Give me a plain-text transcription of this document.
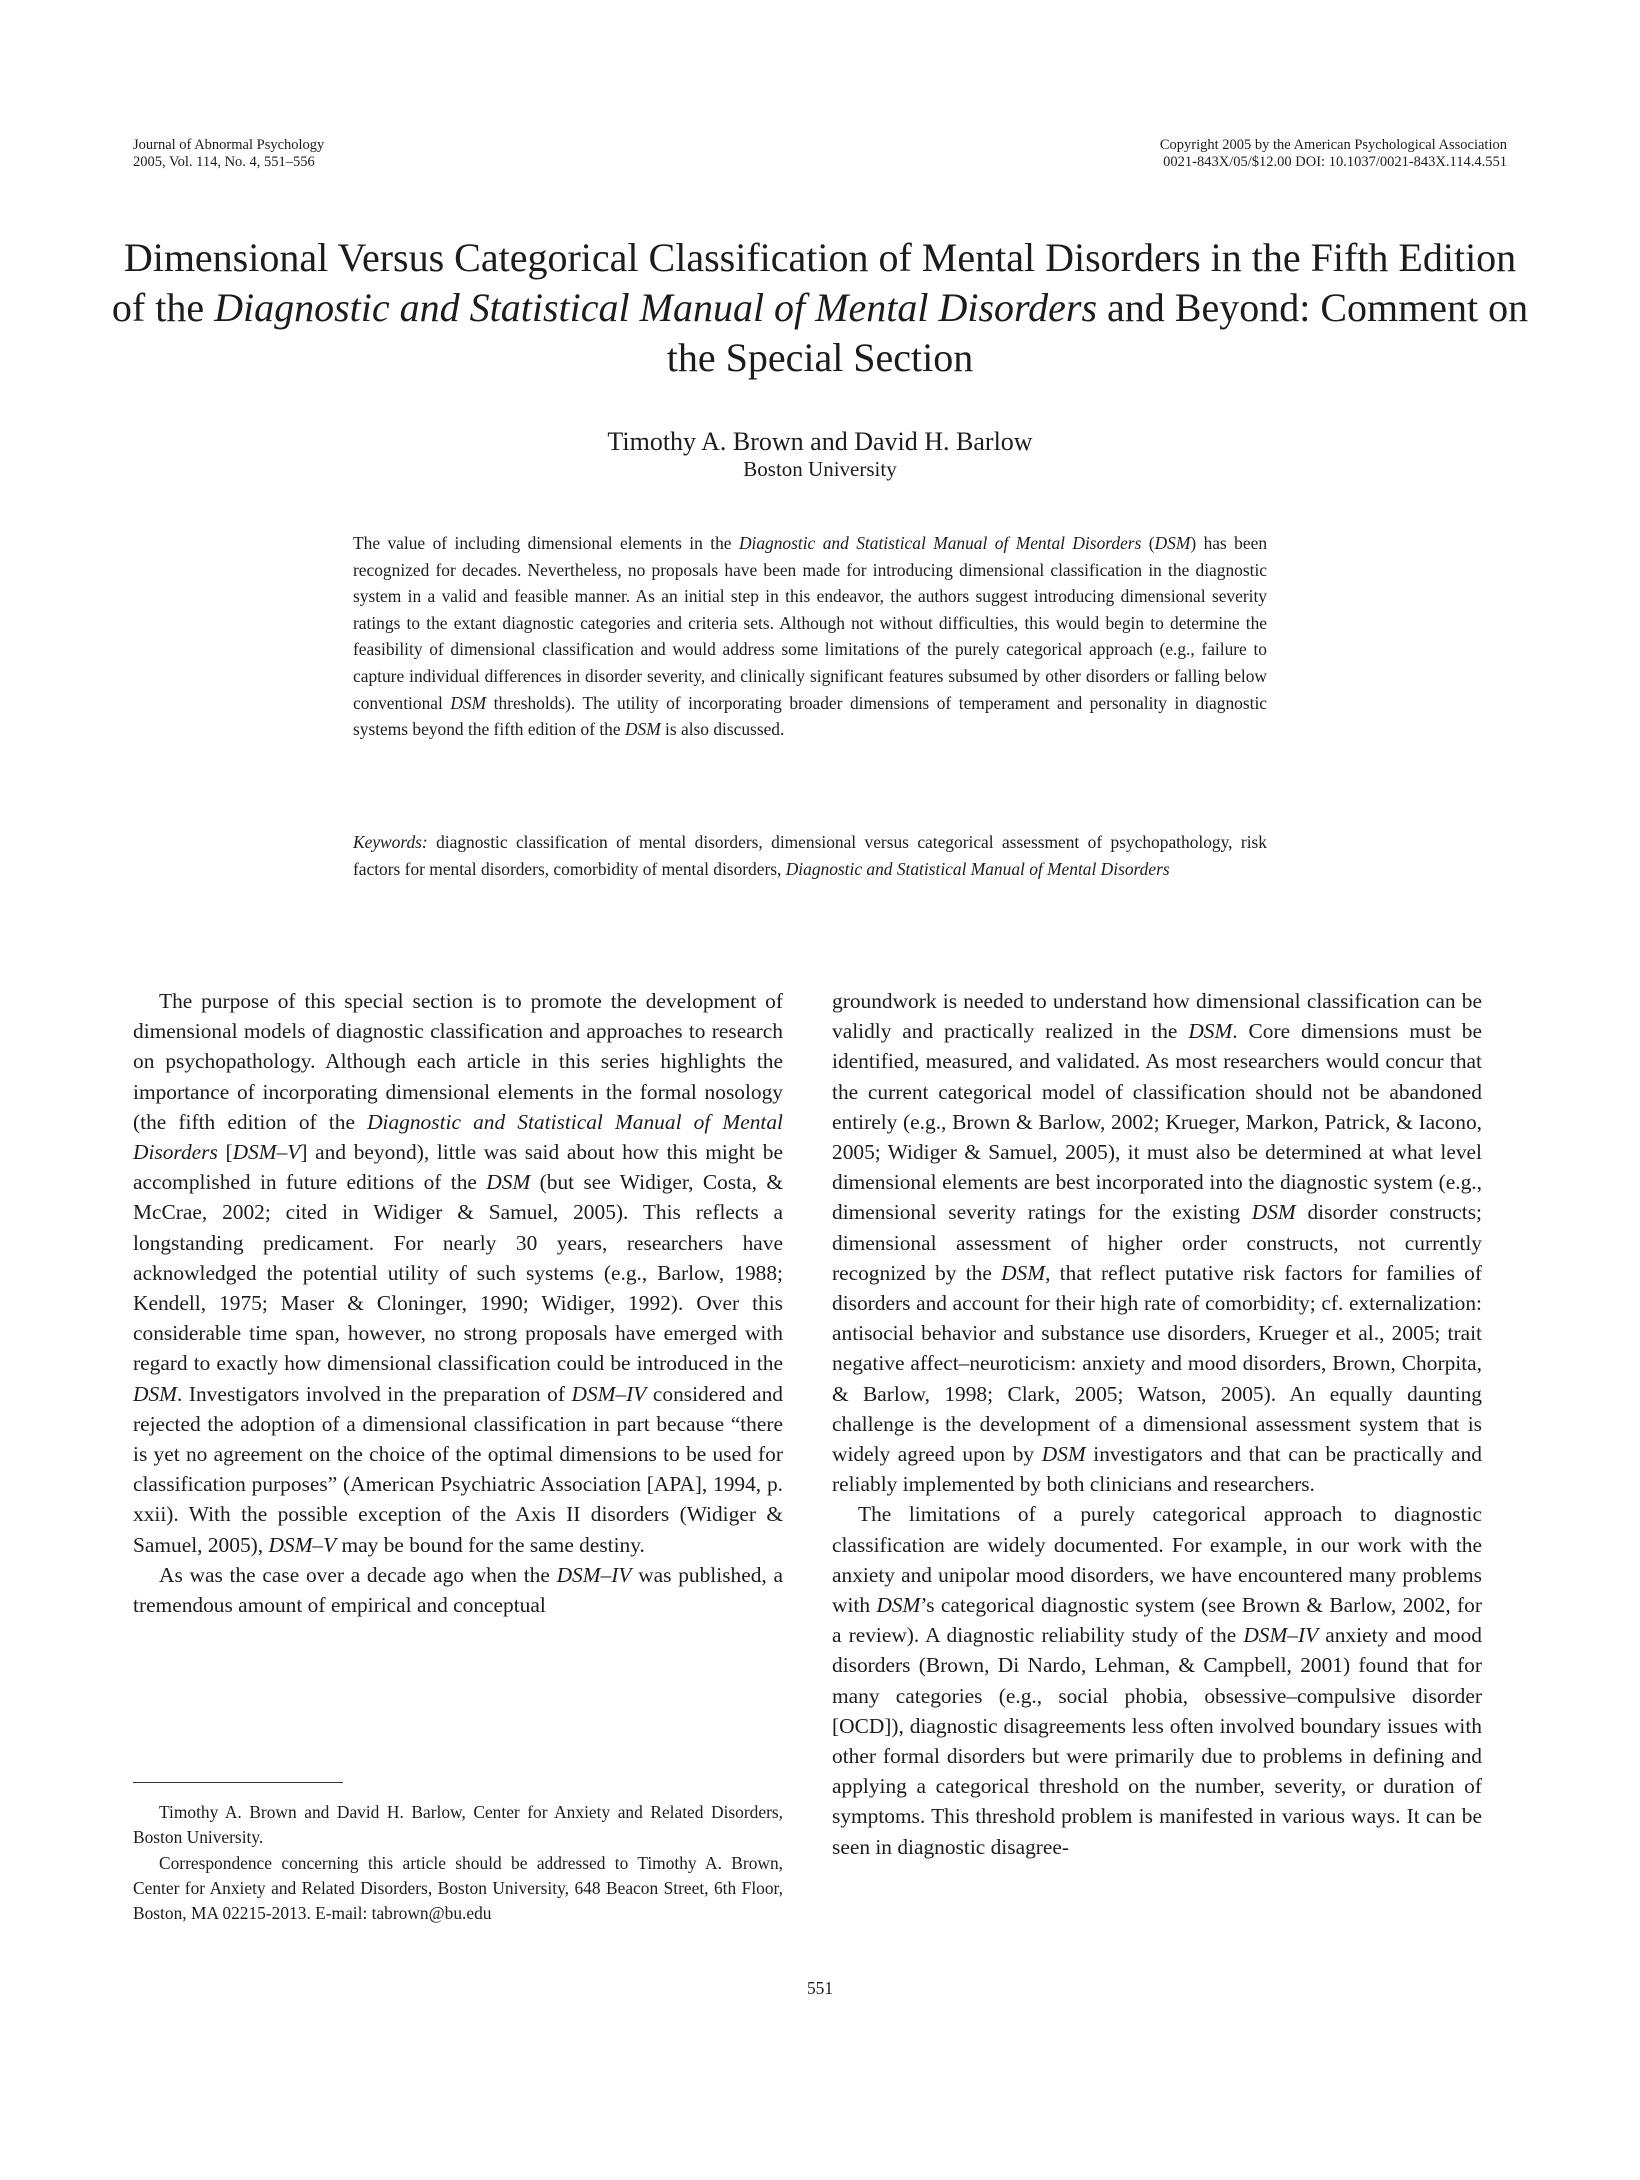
Journal of Abnormal Psychology
2005, Vol. 114, No. 4, 551–556
Copyright 2005 by the American Psychological Association
0021-843X/05/$12.00 DOI: 10.1037/0021-843X.114.4.551
Dimensional Versus Categorical Classification of Mental Disorders in the Fifth Edition of the Diagnostic and Statistical Manual of Mental Disorders and Beyond: Comment on the Special Section
Timothy A. Brown and David H. Barlow
Boston University

The value of including dimensional elements in the Diagnostic and Statistical Manual of Mental Disorders (DSM) has been recognized for decades. Nevertheless, no proposals have been made for introducing dimensional classification in the diagnostic system in a valid and feasible manner. As an initial step in this endeavor, the authors suggest introducing dimensional severity ratings to the extant diagnostic categories and criteria sets. Although not without difficulties, this would begin to determine the feasibility of dimensional classification and would address some limitations of the purely categorical approach (e.g., failure to capture individual differences in disorder severity, and clinically significant features subsumed by other disorders or falling below conventional DSM thresholds). The utility of incorporating broader dimensions of temperament and personality in diagnostic systems beyond the fifth edition of the DSM is also discussed.

Keywords: diagnostic classification of mental disorders, dimensional versus categorical assessment of psychopathology, risk factors for mental disorders, comorbidity of mental disorders, Diagnostic and Statistical Manual of Mental Disorders

The purpose of this special section is to promote the development of dimensional models of diagnostic classification and approaches to research on psychopathology. Although each article in this series highlights the importance of incorporating dimensional elements in the formal nosology (the fifth edition of the Diagnostic and Statistical Manual of Mental Disorders [DSM–V] and beyond), little was said about how this might be accomplished in future editions of the DSM (but see Widiger, Costa, & McCrae, 2002; cited in Widiger & Samuel, 2005). This reflects a longstanding predicament. For nearly 30 years, researchers have acknowledged the potential utility of such systems (e.g., Barlow, 1988; Kendell, 1975; Maser & Cloninger, 1990; Widiger, 1992). Over this considerable time span, however, no strong proposals have emerged with regard to exactly how dimensional classification could be introduced in the DSM. Investigators involved in the preparation of DSM–IV considered and rejected the adoption of a dimensional classification in part because “there is yet no agreement on the choice of the optimal dimensions to be used for classification purposes” (American Psychiatric Association [APA], 1994, p. xxii). With the possible exception of the Axis II disorders (Widiger & Samuel, 2005), DSM–V may be bound for the same destiny.

As was the case over a decade ago when the DSM–IV was published, a tremendous amount of empirical and conceptual

Timothy A. Brown and David H. Barlow, Center for Anxiety and Related Disorders, Boston University.

Correspondence concerning this article should be addressed to Timothy A. Brown, Center for Anxiety and Related Disorders, Boston University, 648 Beacon Street, 6th Floor, Boston, MA 02215-2013. E-mail: tabrown@bu.edu

groundwork is needed to understand how dimensional classification can be validly and practically realized in the DSM. Core dimensions must be identified, measured, and validated. As most researchers would concur that the current categorical model of classification should not be abandoned entirely (e.g., Brown & Barlow, 2002; Krueger, Markon, Patrick, & Iacono, 2005; Widiger & Samuel, 2005), it must also be determined at what level dimensional elements are best incorporated into the diagnostic system (e.g., dimensional severity ratings for the existing DSM disorder constructs; dimensional assessment of higher order constructs, not currently recognized by the DSM, that reflect putative risk factors for families of disorders and account for their high rate of comorbidity; cf. externalization: antisocial behavior and substance use disorders, Krueger et al., 2005; trait negative affect–neuroticism: anxiety and mood disorders, Brown, Chorpita, & Barlow, 1998; Clark, 2005; Watson, 2005). An equally daunting challenge is the development of a dimensional assessment system that is widely agreed upon by DSM investigators and that can be practically and reliably implemented by both clinicians and researchers.

The limitations of a purely categorical approach to diagnostic classification are widely documented. For example, in our work with the anxiety and unipolar mood disorders, we have encountered many problems with DSM’s categorical diagnostic system (see Brown & Barlow, 2002, for a review). A diagnostic reliability study of the DSM–IV anxiety and mood disorders (Brown, Di Nardo, Lehman, & Campbell, 2001) found that for many categories (e.g., social phobia, obsessive–compulsive disorder [OCD]), diagnostic disagreements less often involved boundary issues with other formal disorders but were primarily due to problems in defining and applying a categorical threshold on the number, severity, or duration of symptoms. This threshold problem is manifested in various ways. It can be seen in diagnostic disagree-

551
